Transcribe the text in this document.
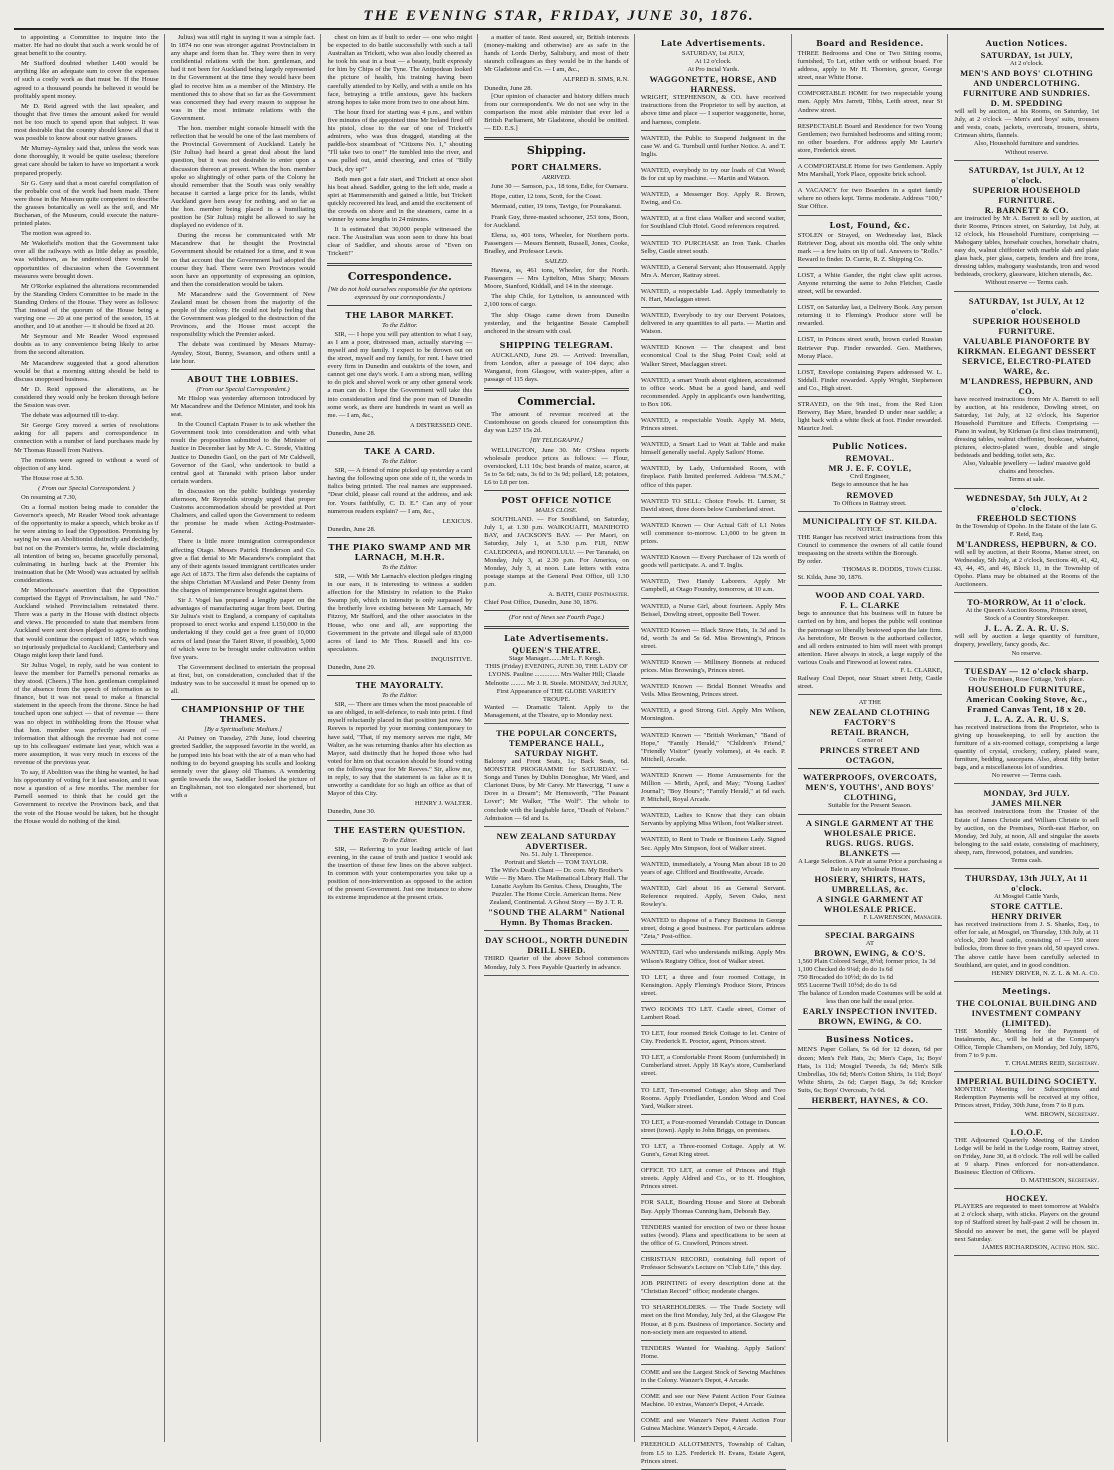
THE EVENING STAR, FRIDAY, JUNE 30, 1876.

to appointing a Committee to inquire into the matter. He had no doubt that such a work would be of great benefit to the country.

Mr Stafford doubted whether L400 would be anything like an adequate sum to cover the expenses of such a costly work as that must be. If the House agreed to a thousand pounds he believed it would be profitably spent money.

Mr D. Reid agreed with the last speaker, and thought that five times the amount asked for would not be too much to spend upon that subject. It was most desirable that the country should know all that it was possible to know about our native grasses.

Mr Murray-Aynsley said that, unless the work was done thoroughly, it would be quite useless; therefore great care should be taken to have so important a work prepared properly.

Sir G. Grey said that a most careful compilation of the probable cost of the work had been made. There were those in the Museum quite competent to describe the grasses botanically as well as the soil, and Mr Buchanan, of the Museum, could execute the nature-printed plates.

The motion was agreed to.

Mr Wakefield's motion that the Government take over all the railways with as little delay as possible, was withdrawn, as he understood there would be opportunities of discussion when the Government measures were brought down.

Mr O'Rorke explained the alterations recommended by the Standing Orders Committee to be made in the Standing Orders of the House. They were as follows: That instead of the quorum of the House being a varying one — 20 at one period of the session, 15 at another, and 10 at another — it should be fixed at 20.

Mr Seymour and Mr Reader Wood expressed doubts as to any convenience being likely to arise from the second alteration.

Mr Macandrew suggested that a good alteration would be that a morning sitting should be held to discuss unopposed business.

Mr D. Reid opposed the alterations, as he considered they would only be broken through before the Session was over.

The debate was adjourned till to-day.

Sir George Grey moved a series of resolutions asking for all papers and correspondence in connection with a number of land purchases made by Mr Thomas Russell from Natives.

The motions were agreed to without a word of objection of any kind.

The House rose at 5.30.

( From our Special Correspondent. )

On resuming at 7.30,

On a formal motion being made to consider the Governor's speech, Mr Reader Wood took advantage of the opportunity to make a speech, which broke as if he were aiming to lead the Opposition. Promising by saying he was an Abolitionist distinctly and decidedly, but not on the Premier's terms, he, while disclaiming all intention of being so, became gracefully personal, culminating in hurling back at the Premier his insinuation that he (Mr Wood) was actuated by selfish considerations.

Mr Moorhouse's assertion that the Opposition comprised the Egypt of Provincialism, he said "No." Auckland wished Provincialism reinstated there. There was a party in the House with distinct objects and views. He proceeded to state that members from Auckland were sent down pledged to agree to nothing that would continue the compact of 1856, which was so injuriously prejudicial to Auckland; Canterbury and Otago might keep their land fund.

Sir Julius Vogel, in reply, said he was content to leave the member for Parnell's personal remarks as they stood. (Cheers.) The hon. gentleman complained of the absence from the speech of information as to finance, but it was not usual to make a financial statement in the speech from the throne. Since he had touched upon one subject — that of revenue — there was no object in withholding from the House what that hon. member was perfectly aware of — information that although the revenue had not come up to his colleagues' estimate last year, which was a mere assumption, it was very much in excess of the revenue of the previous year.

To say, if Abolition was the thing he wanted, he had his opportunity of voting for it last session, and it was now a question of a few months. The member for Parnell seemed to think that he could get the Government to receive the Provinces back, and that the vote of the House would be taken, but he thought the House would do nothing of the kind.

Julius) was still right in saying it was a simple fact. In 1874 no one was stronger against Provincialism in any shape and form than he. They were then in very confidential relations with the hon. gentleman, and had it not been for Auckland being largely represented in the Government at the time they would have been glad to receive him as a member of the Ministry. He mentioned this to show that so far as the Government was concerned they had every reason to suppose he was in the most intimate relations with the Government.

The hon. member might console himself with the reflection that he would be one of the last members of the Provincial Government of Auckland. Lately he (Sir Julius) had heard a great deal about the land question, but it was not desirable to enter upon a discussion thereon at present. When the hon. member spoke so slightingly of other parts of the Colony he should remember that the South was only wealthy because it carried a large price for its lands, whilst Auckland gave hers away for nothing, and so far as the hon. member being placed in a humiliating position he (Sir Julius) might be allowed to say he displayed no evidence of it.

During the recess he communicated with Mr Macandrew that he thought the Provincial Government should be retained for a time, and it was on that account that the Government had adopted the course they had. There were two Provinces would soon have an opportunity of expressing an opinion, and then the consideration would be taken.

Mr Macandrew said the Government of New Zealand must be chosen from the majority of the people of the colony. He could not help feeling that the Government was pledged to the destruction of the Provinces, and the House must accept the responsibility which the Premier asked.

The debate was continued by Messrs Murray-Aynsley, Stout, Bunny, Swanson, and others until a late hour.

ABOUT THE LOBBIES.
(From our Special Correspondent.)

Mr Hislop was yesterday afternoon introduced by Mr Macandrew and the Defence Minister, and took his seat.

In the Council Captain Fraser is to ask whether the Government took into consideration and with what result the proposition submitted to the Minister of Justice in December last by Mr A. C. Strode, Visiting Justice to Dunedin Gaol, on the part of Mr Caldwell, Governor of the Gaol, who undertook to build a central gaol at Taranaki with prison labor under certain warders.

In discussion on the public buildings yesterday afternoon, Mr Reynolds strongly urged that proper Customs accommodation should be provided at Port Chalmers, and called upon the Government to redeem the promise he made when Acting-Postmaster-General.

There is little more immigration correspondence affecting Otago. Messrs Patrick Henderson and Co. give a flat denial to Mr Macandrew's complaint that any of their agents issued immigrant certificates under age Act of 1873. The firm also defends the captains of the ships Christian M'Ausland and Peter Denny from the charges of intemperance brought against them.

Sir J. Vogel has prepared a lengthy paper on the advantages of manufacturing sugar from beet. During Sir Julius's visit to England, a company of capitalists proposed to erect works and expend L150,000 in the undertaking if they could get a free grant of 10,000 acres of land (near the Taieri River, if possible), 5,000 of which were to be brought under cultivation within five years.

The Government declined to entertain the proposal at first, but, on consideration, concluded that if the industry was to be successful it must be opened up to all.

CHAMPIONSHIP OF THE THAMES.
[By a Spiritualistic Medium.]

At Putney on Tuesday, 27th June, loud cheering greeted Saddler, the supposed favorite in the world, as he jumped into his boat with the air of a man who had nothing to do beyond grasping his sculls and looking serenely over the glassy old Thames. A wondering gentle towards the sea, Saddler looked the picture of an Englishman, not too elongated nor shortened, but with a

chest on him as if built to order — one who might be expected to do battle successfully with such a tall Australian as Trickett, who was also loudly cheered as he took his seat in a boat — a beauty, built expressly for him by Chips of the Tyne. The Antipodean looked the picture of health, his training having been carefully attended to by Kelly, and with a smile on his face, betraying a trifle anxious, gave his backers strong hopes to take more from two to one about him.

The hour fixed for starting was 4 p.m., and within five minutes of the appointed time Mr Ireland fired off his pistol, close to the ear of one of Trickett's admirers, who was thus dragged, standing at the paddle-box steamboat of "Citizens No. 1," shouting "I'll take two to one!" He tumbled into the river, and was pulled out, amid cheering, and cries of "Billy Duck, dry up!"

Both men got a fair start, and Trickett at once shot his boat ahead. Saddler, going to the left side, made a spirt at Hammersmith and gained a little, but Trickett quickly recovered his lead, and amid the excitement of the crowds on shore and in the steamers, came in a winner by some lengths in 24 minutes.

It is estimated that 30,000 people witnessed the race. The Australian was soon seen to draw his boat clear of Saddler, and shouts arose of "Even on Trickett!"

Correspondence.
[We do not hold ourselves responsible for the opinions expressed by our correspondents.]
THE LABOR MARKET.
To the Editor.

SIR, — I hope you will pay attention to what I say, as I am a poor, distressed man, actually starving — myself and my family. I expect to be thrown out on the street, myself and my family, for rent. I have tried every firm in Dunedin and outskirts of the town, and cannot get one day's work. I am a strong man, willing to do pick and shovel work or any other general work a man can do. I hope the Government will take this into consideration and find the poor man of Dunedin some work, as there are hundreds in want as well as me. — I am, &c.,

A DISTRESSED ONE.
Dunedin, June 28.
TAKE A CARD.
To the Editor.

SIR, — A friend of mine picked up yesterday a card having the following upon one side of it, the words in italics being printed. The real names are suppressed. "Dear child, please call round at the address, and ask for. Yours faithfully, C. D. E." Can any of your numerous readers explain? — I am, &c.,

LEXICUS.
Dunedin, June 28.
THE PIAKO SWAMP AND MR LARNACH, M.H.R.
To the Editor.

SIR, — With Mr Larnach's election pledges ringing in our ears, it is interesting to witness a sudden affection for the Ministry in relation to the Piako Swamp job, which in intensity is only surpassed by the brotherly love existing between Mr Larnach, Mr Fitzroy, Mr Stafford, and the other associates in the House, who one and all, are supporting the Government in the private and illegal sale of 83,000 acres of land to Mr Thos. Russell and his co-speculators.

INQUISITIVE.
Dunedin, June 29.
THE MAYORALTY.
To the Editor.

SIR, — There are times when the most peaceable of us are obliged, in self-defence, to rush into print. I find myself reluctantly placed in that position just now. Mr Reeves is reported by your morning contemporary to have said, "That, if my memory serves me right, Mr Walter, as he was returning thanks after his election as Mayor, said distinctly that he hoped those who had voted for him on that occasion should be found voting on the following year for Mr Reeves." Sir, allow me, in reply, to say that the statement is as false as it is unworthy a candidate for so high an office as that of Mayor of this City.

HENRY J. WALTER.
Dunedin, June 30.
THE EASTERN QUESTION.
To the Editor.

SIR, — Referring to your leading article of last evening, in the cause of truth and justice I would ask the insertion of these few lines on the above subject. In common with your contemporaries you take up a position of non-intervention as opposed to the action of the present Government. Just one instance to show its extreme imprudence at the present crisis.

a matter of taste. Rest assured, sir, British interests (money-making and otherwise) are as safe in the hands of Lords Derby, Salisbury, and most of their staunch colleagues as they would be in the hands of Mr Gladstone and Co. — I am, &c.,

ALFRED B. SIMS, R.N.
Dunedin, June 28.

[Our opinion of character and history differs much from our correspondent's. We do not see why in the comparison the most able minister that ever led a British Parliament, Mr Gladstone, should be omitted. — ED. E.S.]

Shipping.
PORT CHALMERS.
ARRIVED.

June 30 — Samson, p.s., 18 tons, Edie, for Oamaru.

Hope, cutter, 12 tons, Scott, for the Coast.

Mermaid, cutter, 19 tons, Tavigo, for Pourakanui.

Frank Guy, three-masted schooner, 253 tons, Boon, for Auckland.

Elena, ss, 401 tons, Wheeler, for Northern ports. Passengers — Messrs Bennett, Russell, Jones, Cooke, Bradley, and Professor Lewis.

SAILED.

Hawea, ss, 461 tons, Wheeler, for the North. Passengers — Mrs Lyttelton, Miss Sharp; Messrs Moore, Stanford, Kiddall, and 14 in the steerage.

The ship Chile, for Lyttelton, is announced with 2,100 tons of cargo.

The ship Otago came down from Dunedin yesterday, and the brigantine Bessie Campbell anchored in the stream with coal.

SHIPPING TELEGRAM.

AUCKLAND, June 29. — Arrived: Inverallan, from London, after a passage of 104 days; also Wanganui, from Glasgow, with water-pipes, after a passage of 115 days.

Commercial.

The amount of revenue received at the Customhouse on goods cleared for consumption this day was L257 15s 2d.

[BY TELEGRAPH.]

WELLINGTON, June 30. Mr O'Shea reports wholesale produce prices as follows: — Flour, overstocked, L11 10s; best brands of maize, scarce, at 5s to 5s 6d; oats, 3s 6d to 3s 9d; pollard, L8; potatoes, L6 to L8 per ton.

POST OFFICE NOTICE
MAILS CLOSE.

SOUTHLAND. — For Southland, on Saturday, July 1, at 1.30 p.m. WAIKOUAITI, MANIHOTO BAY, and JACKSON'S BAY. — Per Maori, on Saturday, July 1, at 5.30 p.m. FIJI, NEW CALEDONIA, and HONOLULU. — Per Taranaki, on Monday, July 3, at 2.30 p.m. For America, on Monday, July 3, at noon. Late letters with extra postage stamps at the General Post Office, till 1.30 p.m.

A. BATH, Chief Postmaster.
Chief Post Office, Dunedin, June 30, 1876.
(For rest of News see Fourth Page.)
Late Advertisements.
QUEEN'S THEATRE.
Stage Manager........Mr L. F. Keogh.
THIS (Friday) EVENING, JUNE 30, THE LADY OF LYONS. Pauline ............... Mrs Walter Hill; Claude Melnotte ......... Mr J. R. Steele. MONDAY, 3rd JULY, First Appearance of THE GLOBE VARIETY TROUPE.
Wanted — Dramatic Talent. Apply to the Management, at the Theatre, up to Monday next.
THE POPULAR CONCERTS, TEMPERANCE HALL, SATURDAY NIGHT.
Balcony and Front Seats, 1s; Back Seats, 6d. MONSTER PROGRAMME for SATURDAY. — Songs and Tunes by Dublin Donoghue, Mr Ward, and Clarionet Duos, by Mr Carey. Mr Hawcrigg, "I saw a Dove in a Dream"; Mr Hemsworth, "The Peasant Lover"; Mr Walker, "The Wolf". The whole to conclude with the laughable farce, "Death of Nelson." Admission — 6d and 1s.
NEW ZEALAND SATURDAY ADVERTISER.
No. 51. July 1. Threepence.
Portrait and Sketch — TOM TAYLOR.
The Wife's Death Chant — Dr. com. My Brother's Wife — By Maro. The Mathmatical Library Hall. The Lunatic Asylum Its Genius. Chess, Draughts, The Puzzler. The Home Circle. American Items. New Zealand, Continental. A Ghost Story — By J. T. R.
"SOUND THE ALARM" National Hymn. By Thomas Bracken.
DAY SCHOOL, NORTH DUNEDIN DRILL SHED.
THIRD Quarter of the above School commences Monday, July 3. Fees Payable Quarterly in advance.
Late Advertisements.
SATURDAY, 1st JULY,
At 12 o'clock.
At Pro incial Yards.
WAGGONETTE, HORSE, AND HARNESS.
WRIGHT, STEPHENSON, & CO. have received instructions from the Proprietor to sell by auction, at above time and place — I superior waggonette, horse, and harness, complete.
WANTED, the Public to Suspend Judgment in the case W. and G. Turnbull until further Notice. A. and T. Inglis.
WANTED, everybody to try our loads of Cut Wood; 8s for cut up by machine. — Martin and Watson.
WANTED, a Messenger Boy. Apply R. Brown, Ewing, and Co.
WANTED, at a first class Walker and second waiter, for Southland Club Hotel. Good references required.
WANTED TO PURCHASE an Iron Tank. Charles Selby, Castle street south.
WANTED, a General Servant; also Housemaid. Apply Mrs A. Mercer, Rattray street.
WANTED, a respectable Lad. Apply immediately to N. Hart, Maclaggan street.
WANTED, Everybody to try our Dervent Potatoes, delivered in any quantities to all parts. — Martin and Watson.
WANTED Known — The cheapest and best economical Coal is the Shag Point Coal; sold at Walker Street, Maclaggan street.
WANTED, a smart Youth about eighteen, accustomed to office work. Must be a good hand, and well recommended. Apply in applicant's own handwriting, to Box 106.
WANTED, a respectable Youth. Apply M. Metz, Princes street.
WANTED, a Smart Lad to Wait at Table and make himself generally useful. Apply Sailors' Home.
WANTED, by Lady, Unfurnished Room, with fireplace. Faith limited preferred. Address "M.S.M.," office of this paper.
WANTED TO SELL: Choice Fowls. H. Lurner, St David street, three doors below Cumberland street.
WANTED Known — Our Actual Gift of L1 Notes will commence to-morrow. L1,000 to be given in prizes.
WANTED Known — Every Purchaser of 12s worth of goods will participate. A. and T. Inglis.
WANTED, Two Handy Laborers. Apply Mr Campbell, at Otago Foundry, tomorrow, at 10 a.m.
WANTED, a Nurse Girl, about fourteen. Apply Mrs Beissel, Dowling street, opposite Bell Tower.
WANTED Known — Black Straw Hats, 1s 3d and 1s 6d, worth 3s and 5s 6d. Miss Browning's, Princes street.
WANTED Known — Millinery Bonnets at reduced prices. Miss Browning's, Princes street.
WANTED Known — Bridal Bonnet Wreaths and Veils. Miss Browning, Princes street.
WANTED, a good Strong Girl. Apply Mrs Wilson, Mornington.
WANTED Known — "British Workman," "Band of Hope," "Family Herald," "Children's Friend," "Friendly Visitor" (yearly volumes), at 4s each. P. Mitchell, Arcade.
WANTED Known — Home Amusements for the Million — Mirth, April, and May; "Young Ladies' Journal"; "Boy Hours"; "Family Herald," at 6d each. P. Mitchell, Royal Arcade.
WANTED, Ladies to Know that they can obtain Servants by applying Miss Wilson, foot Walker street.
WANTED, to Rent to Trade or Business Lady. Signed Sec. Apply Mrs Simpson, foot of Walker street.
WANTED, immediately, a Young Man about 18 to 20 years of age. Clifford and Braithwaite, Arcade.
WANTED, Girl about 16 as General Servant. Reference required. Apply, Seven Oaks, next Rowley's.
WANTED to dispose of a Fancy Business in George street, doing a good business. For particulars address "Zeta," Post-office.
WANTED, Girl who understands milking. Apply Mrs Wilson's Registry Office, foot of Walker street.
TO LET, a three and four roomed Cottage, in Kensington. Apply Fleming's Produce Store, Princes street.
TWO ROOMS TO LET. Castle street, Corner of Lambert Road.
TO LET, four roomed Brick Cottage to let. Centre of City. Frederick E. Proctor, agent, Princes street.
TO LET, a Comfortable Front Room (unfurnished) in Cumberland street. Apply 18 Kay's store, Cumberland street.
TO LET, Ten-roomed Cottage; also Shop and Two Rooms. Apply Friedlander, London Wood and Coal Yard, Walker street.
TO LET, a Four-roomed Verandah Cottage in Duncan street (town). Apply to John Briggs, on premises.
TO LET, a Three-roomed Cottage. Apply at W. Gunn's, Great King street.
OFFICE TO LET, at corner of Princes and High streets. Apply Aldred and Co., or to H. Houghton, Princes street.
FOR SALE, Boarding House and Store at Deborah Bay. Apply Thomas Cunning ham, Deborah Bay.
TENDERS wanted for erection of two or three house suites (wood). Plans and specifications to be seen at the office of G. Crawford, Princes street.
CHRISTIAN RECORD, containing full report of Professor Schwarz's Lecture on "Club Life," this day.
JOB PRINTING of every description done at the "Christian Record" office; moderate charges.
TO SHAREHOLDERS. — The Trade Society will meet on the first Monday, July 3rd, at the Glasgow Pie House, at 8 p.m. Business of importance. Society and non-society men are requested to attend.
TENDERS Wanted for Washing. Apply Sailors' Home.
COME and see the Largest Stock of Sewing Machines in the Colony. Wanzer's Depot, 4 Arcade.
COME and see our New Patent Action Four Guinea Machine. 10 extras, Wanzer's Depot, 4 Arcade.
COME and see Wanzer's New Patent Action Four Guinea Machine. Wanzer's Depot, 4 Arcade.
FREEHOLD ALLOTMENTS, Township of Caltan, from L5 to L25. Frederick H. Evans, Estate Agent, Princes street.
Board and Residence.
THREE Bedrooms and One or Two Sitting rooms, furnished, To Let, either with or without board. For address, apply to Mr H. Thornton, grocer, George street, near White Horse.
COMFORTABLE HOME for two respectable young men. Apply Mrs Jarrett, Tibbs, Leith street, near St Andrew street.
RESPECTABLE Board and Residence for two Young Gentlemen; two furnished bedrooms and sitting room; no other boarders. For address apply Mr Laurie's store, Frederick street.
A COMFORTABLE Home for two Gentlemen. Apply Mrs Marshall, York Place, opposite brick school.
A VACANCY for two Boarders in a quiet family where no others kept. Terms moderate. Address "100," Star Office.
Lost, Found, &c.
STOLEN or Strayed, on Wednesday last, Black Retriever Dog, about six months old. The only white mark — a few hairs on tip of tail. Answers to "Rollo." Reward to finder. D. Currie, R. Z. Shipping Co.
LOST, a White Gander, the right claw split across. Anyone returning the same to John Fletcher, Castle street, will be rewarded.
LOST, on Saturday last, a Delivery Book. Any person returning it to Fleming's Produce store will be rewarded.
LOST, in Princes street south, brown curled Russian Retriever Pup. Finder rewarded. Geo. Matthews, Moray Place.
LOST, Envelope containing Papers addressed W. L. Siddall. Finder rewarded. Apply Wright, Stephenson and Co., High street.
STRAYED, on the 9th inst., from the Red Lion Brewery, Bay Mare, branded D under near saddle; a light back with a white fleck at foot. Finder rewarded. Maurice Joel.
Public Notices.
REMOVAL.
MR J. E. F. COYLE,
Civil Engineer,
Begs to announce that he has
REMOVED
To Offices in Rattray street.
MUNICIPALITY OF ST. KILDA.
NOTICE.
THE Ranger has received strict instructions from this Council to commence the owners of all cattle found trespassing on the streets within the Borough.
By order.
THOMAS R. DODDS, Town Clerk.
St. Kilda, June 30, 1876.
WOOD AND COAL YARD.
F. L. CLARKE
begs to announce that his business will in future be carried on by him, and hopes the public will continue the patronage so liberally bestowed upon the late firm. As heretofore, Mr Brown is the authorised collector, and all orders entrusted to him will meet with prompt attention. Have always in stock, a large supply of the various Coals and Firewood at lowest rates.
F. L. CLARKE,
Railway Coal Depot, near Stuart street Jetty, Castle street.
AT THE
NEW ZEALAND CLOTHING FACTORY'S
RETAIL BRANCH,
Corner of
PRINCES STREET AND OCTAGON,
WATERPROOFS, OVERCOATS, MEN'S, YOUTHS', AND BOYS' CLOTHING,
Suitable for the Present Season.
A SINGLE GARMENT AT THE WHOLESALE PRICE.
RUGS. RUGS. RUGS.
BLANKETS —
A Large Selection. A Pair at same Price a purchasing a Bale in any Wholesale House.
HOSIERY, SHIRTS, HATS, UMBRELLAS, &c.
A SINGLE GARMENT AT WHOLESALE PRICE.
F. LAWRENSON, Manager.
SPECIAL BARGAINS
AT
BROWN, EWING, & CO'S.
1,560 Plain Colored Serge, 8½d; former price, 1s 3d
1,100 Checked do 9¼d; do do 1s 6d
750 Brocaded do 10½d; do do 1s 6d
955 Lucerne Twill 10½d; do do 1s 6d
The balance of London made Costumes will be sold at less than one half the usual price.
EARLY INSPECTION INVITED.
BROWN, EWING, & CO.
Business Notices.
MEN'S Paper Collars, 5s 6d for 12 dozen, 6d per dozen; Men's Felt Hats, 2s; Men's Caps, 1s; Boys' Hats, 1s 11d; Mosgiel Tweeds, 3s 6d; Men's Silk Umbrellas, 10s 6d; Men's Cotton Shirts, 1s 11d; Boys' White Shirts, 2s 6d; Carpet Bags, 3s 6d; Knicker Suits, 6s; Boys' Overcoats, 7s 6d.
HERBERT, HAYNES, & CO.
Auction Notices.
SATURDAY, 1st JULY,
At 2 o'clock.
MEN'S AND BOYS' CLOTHING AND UNDERCLOTHING. FURNITURE AND SUNDRIES.
D. M. SPEDDING
will sell by auction, at his Rooms, on Saturday, 1st July, at 2 o'clock — Men's and boys' suits, trousers and vests, coats, jackets, overcoats, trousers, shirts, Crimean shirts, flannels.
Also, Household furniture and sundries.
Without reserve.
SATURDAY, 1st JULY, At 12 o'clock.
SUPERIOR HOUSEHOLD FURNITURE.
R. BARNETT & CO.
are instructed by Mr A. Barrett to sell by auction, at their Rooms, Princes street, on Saturday, 1st July, at 12 o'clock, his Household Furniture, comprising — Mahogany tables, horsehair couches, horsehair chairs, easy do, walnut chiffonier with marble slab and plate glass back, pier glass, carpets, fenders and fire irons, dressing tables, mahogany washstands, iron and wood bedsteads, crockery, glassware, kitchen utensils, &c.
Without reserve — Terms cash.
SATURDAY, 1st JULY, At 12 o'clock.
SUPERIOR HOUSEHOLD FURNITURE.
VALUABLE PIANOFORTE BY KIRKMAN. ELEGANT DESSERT SERVICE, ELECTRO-PLATED WARE, &c.
M'LANDRESS, HEPBURN, AND CO.
have received instructions from Mr A. Barrett to sell by auction, at his residence, Dowling street, on Saturday, 1st July, at 12 o'clock, his Superior Household Furniture and Effects. Comprising — Piano in walnut, by Kirkman (a first class instrument), dressing tables, walnut cheffonier, bookcase, whatnot, pictures, electro-plated ware, double and single bedsteads and bedding, toilet sets, &c.
Also, Valuable jewellery — ladies' massive gold chains and brooches.
Terms at sale.
WEDNESDAY, 5th JULY, At 2 o'clock.
FREEHOLD SECTIONS
In the Township of Opoho. In the Estate of the late G. F. Reid, Esq.
M'LANDRESS, HEPBURN, & CO.
will sell by auction, at their Rooms, Manse street, on Wednesday, 5th July, at 2 o'clock, Sections 40, 41, 42, 43, 44, 45, and 46, Block 11, in the Township of Opoho. Plans may be obtained at the Rooms of the Auctioneers.
TO-MORROW, At 11 o'clock.
At the Queen's Auction Rooms, Princes street,
Stock of a Country Storekeeper.
J. L. A. Z. A. R. U. S.
will sell by auction a large quantity of furniture, drapery, jewellery, fancy goods, &c.
No reserve.
TUESDAY — 12 o'clock sharp.
On the Premises, Rose Cottage, York place.
HOUSEHOLD FURNITURE, American Cooking Stove, &c., Framed Canvas Tent, 18 x 20.
J. L. A. Z. A. R. U. S.
has received instructions from the Proprietor, who is giving up housekeeping, to sell by auction the furniture of a six-roomed cottage, comprising a large quantity of crystal, crockery, cutlery, plated ware, furniture, bedding, saucepans. Also, about fifty better bags, and a miscellaneous lot of sundries.
No reserve — Terms cash.
MONDAY, 3rd JULY.
JAMES MILNER
has received instructions from the Trustee of the Estate of James Christie and William Christie to sell by auction, on the Premises, North-east Harbor, on Monday, 3rd July, at noon, All and singular the assets belonging to the said estate, consisting of machinery, sheep, ram, firewood, potatoes, and sundries.
Terms cash.
THURSDAY, 13th JULY, At 11 o'clock.
At Mosgiel Cattle Yards,
STORE CATTLE.
HENRY DRIVER
has received instructions from J. S. Shanks, Esq., to offer for sale, at Mosgiel, on Thursday, 13th July, at 11 o'clock, 200 head cattle, consisting of — 150 store bullocks, from three to five years old, 50 spayed cows. The above cattle have been carefully selected in Southland, are quiet, and in good condition.
HENRY DRIVER, N. Z. L. & M. A. Co.
Meetings.
THE COLONIAL BUILDING AND INVESTMENT COMPANY (LIMITED).
THE Monthly Meeting for the Payment of Instalments, &c., will be held at the Company's Office, Temple Chambers, on Monday, 3rd July, 1876, from 7 to 9 p.m.
T. CHALMERS REID, Secretary.
IMPERIAL BUILDING SOCIETY.
MONTHLY Meeting for Subscriptions and Redemption Payments will be received at my office, Princes street, Friday, 30th June, from 7 to 8 p.m.
WM. BROWN, Secretary.
I.O.O.F.
THE Adjourned Quarterly Meeting of the Lindon Lodge will be held in the Lodge room, Rattray street, on Friday, June 30, at 8 o'clock. The roll will be called at 9 sharp. Fines enforced for non-attendance. Business: Election of Officers.
D. MATHESON, Secretary.
HOCKEY.
PLAYERS are requested to meet tomorrow at Walsh's at 2 o'clock sharp, with sticks. Players on the ground top of Stafford street by half-past 2 will be chosen in. Should no answer be met, the game will be played next Saturday.
JAMES RICHARDSON, Acting Hon. Sec.
